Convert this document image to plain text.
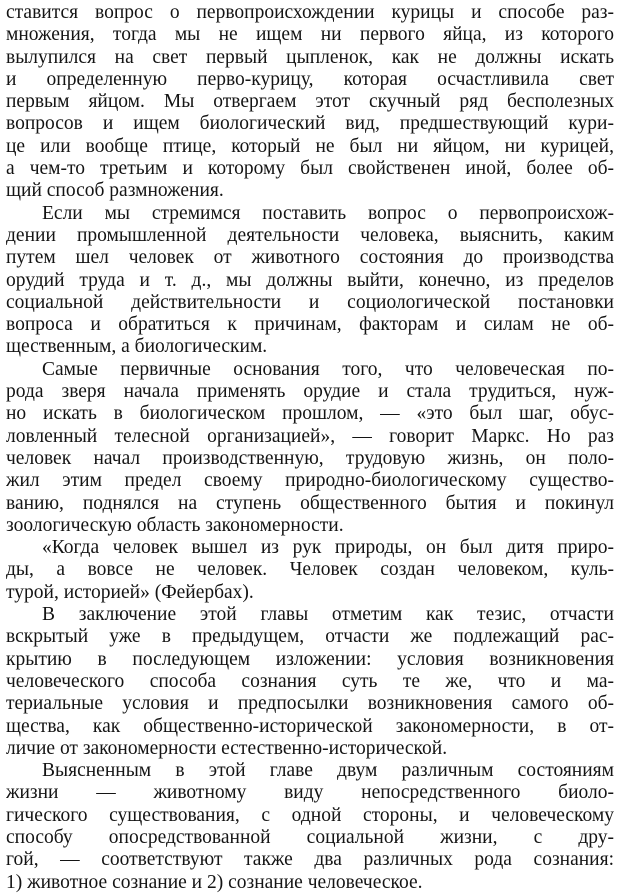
ставится вопрос о первопроисхождении курицы и способе раз-
множения, тогда мы не ищем ни первого яйца, из которого
вылупился на свет первый цыпленок, как не должны искать
и определенную перво-курицу, которая осчастливила свет
первым яйцом. Мы отвергаем этот скучный ряд бесполезных
вопросов и ищем биологический вид, предшествующий кури-
це или вообще птице, который не был ни яйцом, ни курицей,
а чем-то третьим и которому был свойственен иной, более об-
щий способ размножения.
Если мы стремимся поставить вопрос о первопроисхож-
дении промышленной деятельности человека, выяснить, каким
путем шел человек от животного состояния до производства
орудий труда и т. д., мы должны выйти, конечно, из пределов
социальной действительности и социологической постановки
вопроса и обратиться к причинам, факторам и силам не об-
щественным, а биологическим.
Самые первичные основания того, что человеческая по-
рода зверя начала применять орудие и стала трудиться, нуж-
но искать в биологическом прошлом, — «это был шаг, обус-
ловленный телесной организацией», — говорит Маркс. Но раз
человек начал производственную, трудовую жизнь, он поло-
жил этим предел своему природно-биологическому существо-
ванию, поднялся на ступень общественного бытия и покинул
зоологическую область закономерности.
«Когда человек вышел из рук природы, он был дитя приро-
ды, а вовсе не человек. Человек создан человеком, куль-
турой, историей» (Фейербах).
В заключение этой главы отметим как тезис, отчасти
вскрытый уже в предыдущем, отчасти же подлежащий рас-
крытию в последующем изложении: условия возникновения
человеческого способа сознания суть те же, что и ма-
териальные условия и предпосылки возникновения самого об-
щества, как общественно-исторической закономерности, в от-
личие от закономерности естественно-исторической.
Выясненным в этой главе двум различным состояниям
жизни — животному виду непосредственного биоло-
гического существования, с одной стороны, и человеческому
способу опосредствованной социальной жизни, с дру-
гой, — соответствуют также два различных рода сознания:
1) животное сознание и 2) сознание человеческое.
